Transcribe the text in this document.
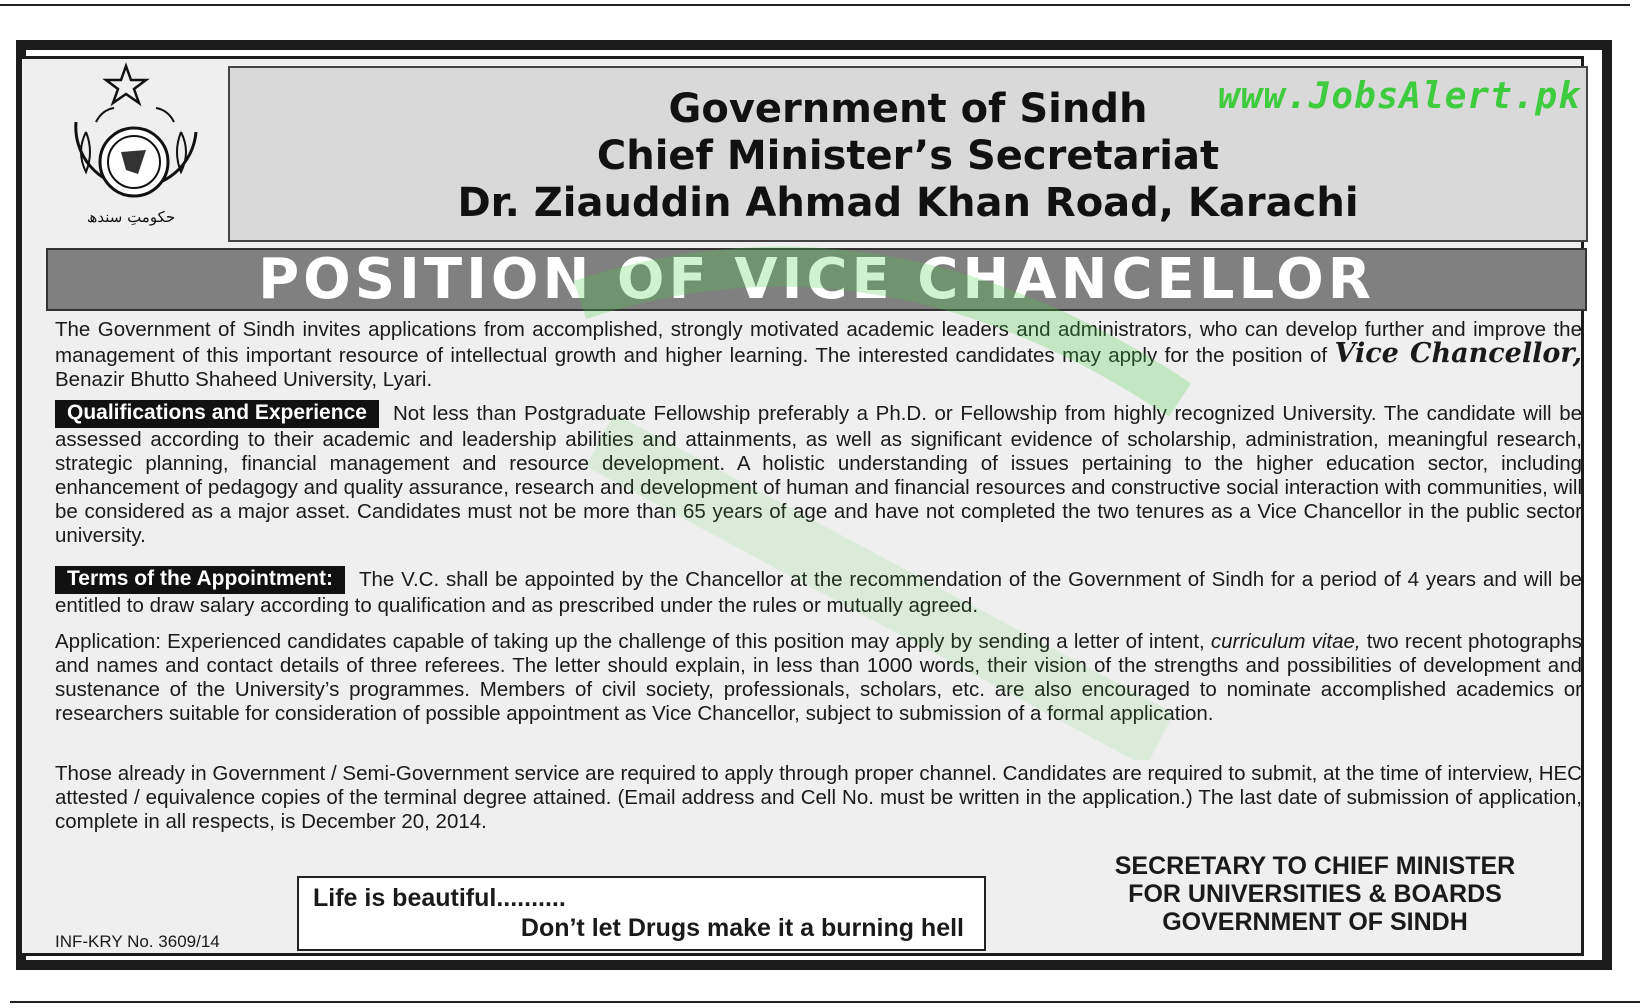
حکومتِ سندھ
Government of Sindh
Chief Minister’s Secretariat
Dr. Ziauddin Ahmad Khan Road, Karachi
www.JobsAlert.pk
POSITION OF VICE CHANCELLOR
The Government of Sindh invites applications from accomplished, strongly motivated academic leaders and administrators, who can develop further and improve the management of this important resource of intellectual growth and higher learning. The interested candidates may apply for the position of Vice Chancellor, Benazir Bhutto Shaheed University, Lyari.
Qualifications and Experience Not less than Postgraduate Fellowship preferably a Ph.D. or Fellowship from highly recognized University. The candidate will be assessed according to their academic and leadership abilities and attainments, as well as significant evidence of scholarship, administration, meaningful research, strategic planning, financial management and resource development. A holistic understanding of issues pertaining to the higher education sector, including enhancement of pedagogy and quality assurance, research and development of human and financial resources and constructive social interaction with communities, will be considered as a major asset. Candidates must not be more than 65 years of age and have not completed the two tenures as a Vice Chancellor in the public sector university.
Terms of the Appointment: The V.C. shall be appointed by the Chancellor at the recommendation of the Government of Sindh for a period of 4 years and will be entitled to draw salary according to qualification and as prescribed under the rules or mutually agreed.
Application: Experienced candidates capable of taking up the challenge of this position may apply by sending a letter of intent, curriculum vitae, two recent photographs and names and contact details of three referees. The letter should explain, in less than 1000 words, their vision of the strengths and possibilities of development and sustenance of the University’s programmes. Members of civil society, professionals, scholars, etc. are also encouraged to nominate accomplished academics or researchers suitable for consideration of possible appointment as Vice Chancellor, subject to submission of a formal application.
Those already in Government / Semi-Government service are required to apply through proper channel. Candidates are required to submit, at the time of interview, HEC attested / equivalence copies of the terminal degree attained. (Email address and Cell No. must be written in the application.) The last date of submission of application, complete in all respects, is December 20, 2014.
Life is beautiful..........
Don’t let Drugs make it a burning hell
SECRETARY TO CHIEF MINISTER
FOR UNIVERSITIES & BOARDS
GOVERNMENT OF SINDH
INF-KRY No. 3609/14
